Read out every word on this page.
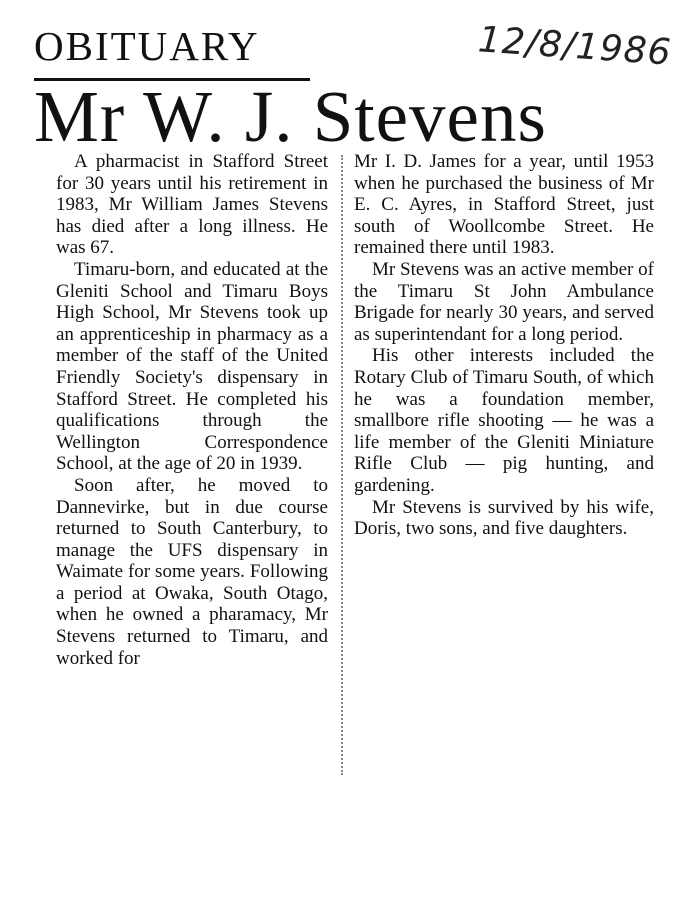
OBITUARY	12/8/1986
Mr W. J. Stevens

A pharmacist in Stafford Street for 30 years until his retirement in 1983, Mr William James Stevens has died after a long illness. He was 67.

Timaru-born, and educated at the Gleniti School and Timaru Boys High School, Mr Stevens took up an apprenticeship in pharmacy as a member of the staff of the United Friendly Society's dispensary in Stafford Street. He completed his qualifications through the Wellington Correspondence School, at the age of 20 in 1939.

Soon after, he moved to Dannevirke, but in due course returned to South Canterbury, to manage the UFS dispensary in Waimate for some years. Following a period at Owaka, South Otago, when he owned a pharamacy, Mr Stevens returned to Timaru, and worked for

Mr I. D. James for a year, until 1953 when he purchased the business of Mr E. C. Ayres, in Stafford Street, just south of Woollcombe Street. He remained there until 1983.

Mr Stevens was an active member of the Timaru St John Ambulance Brigade for nearly 30 years, and served as superintendant for a long period.

His other interests included the Rotary Club of Timaru South, of which he was a foundation member, smallbore rifle shooting — he was a life member of the Gleniti Miniature Rifle Club — pig hunting, and gardening.

Mr Stevens is survived by his wife, Doris, two sons, and five daughters.
